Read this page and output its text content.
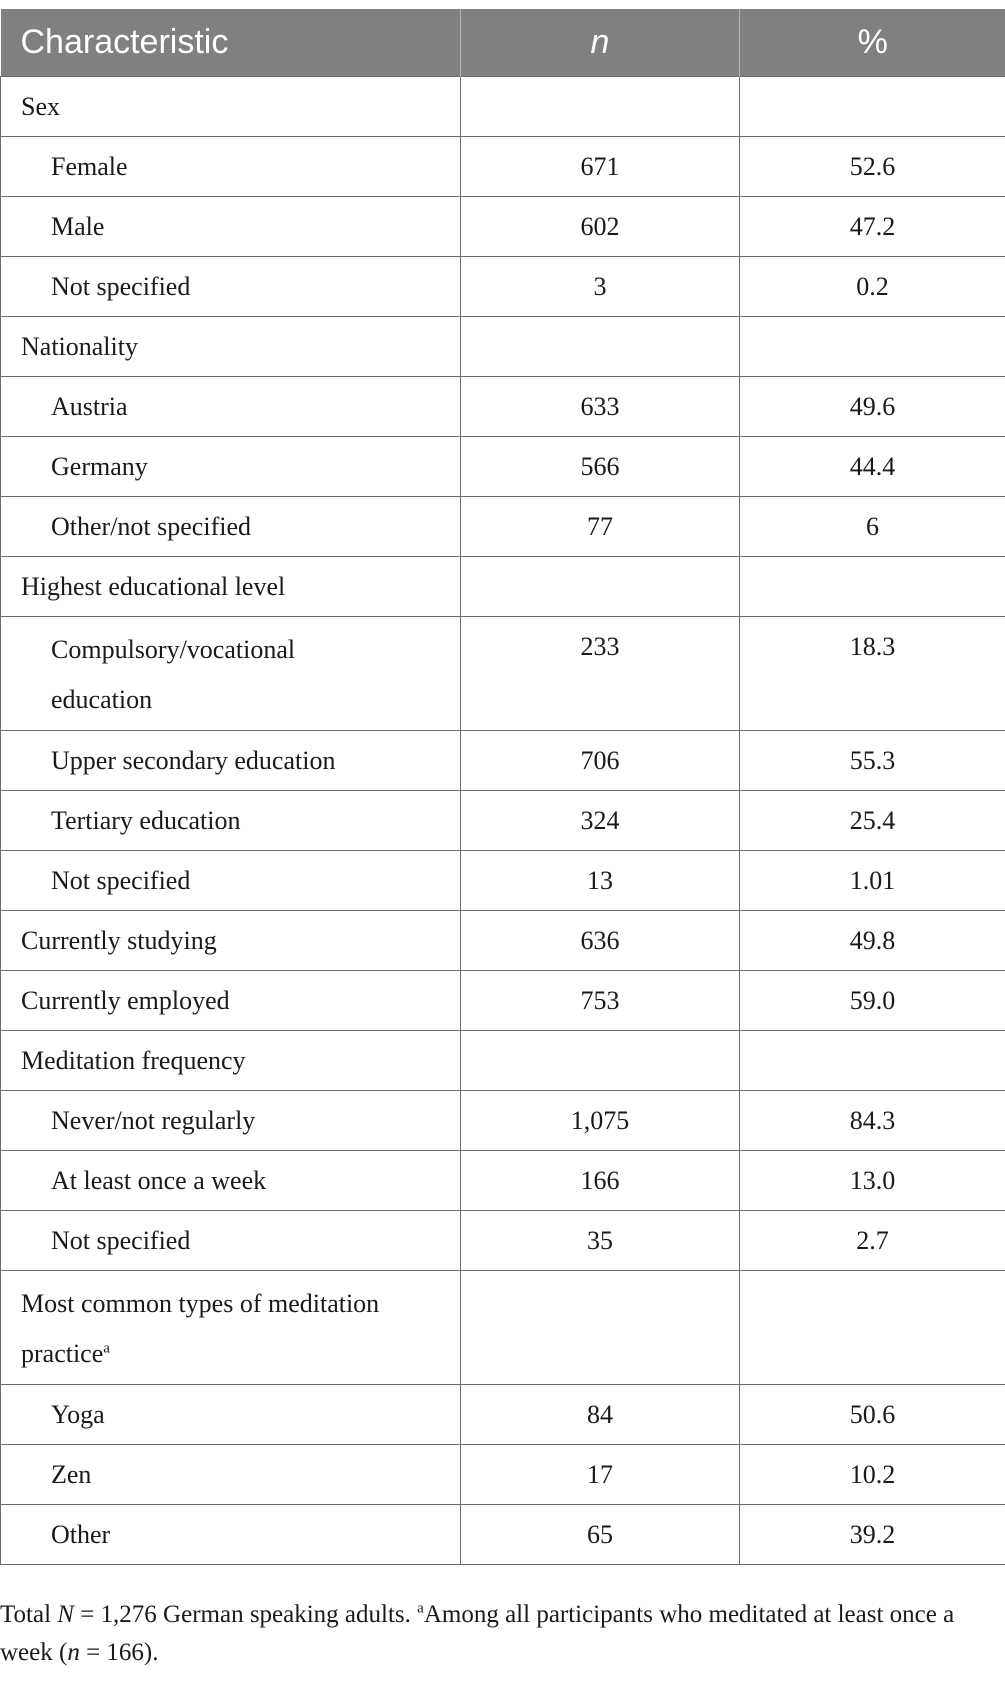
Characteristic	n	%
Sex		
Female	671	52.6
Male	602	47.2
Not specified	3	0.2
Nationality		
Austria	633	49.6
Germany	566	44.4
Other/not specified	77	6
Highest educational level		
Compulsory/vocational
education	233	18.3
Upper secondary education	706	55.3
Tertiary education	324	25.4
Not specified	13	1.01
Currently studying	636	49.8
Currently employed	753	59.0
Meditation frequency		
Never/not regularly	1,075	84.3
At least once a week	166	13.0
Not specified	35	2.7
Most common types of meditation
practice$^a$		
Yoga	84	50.6
Zen	17	10.2
Other	65	39.2
Total N = 1,276 German speaking adults. $^a$Among all participants who meditated at least once a week (n = 166).
